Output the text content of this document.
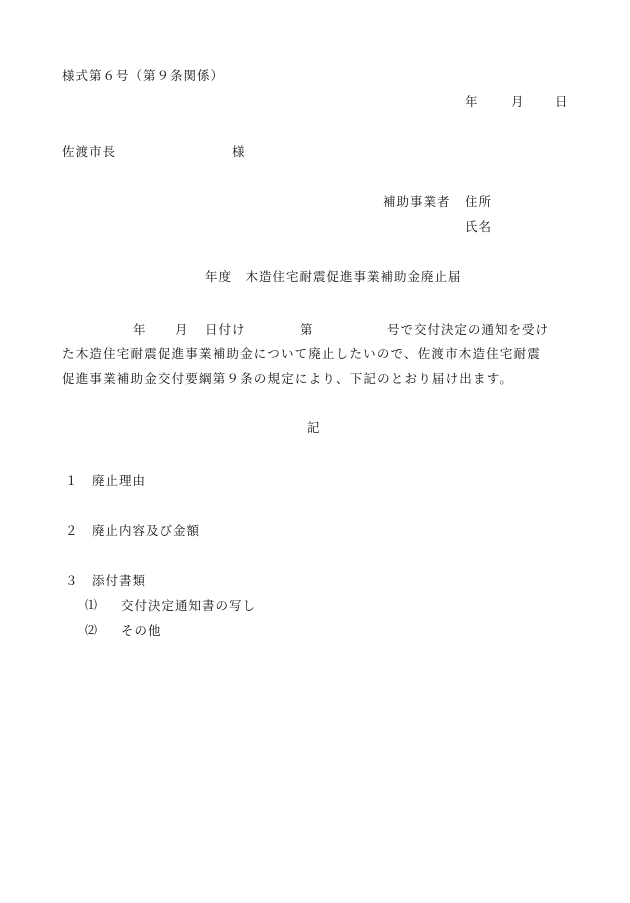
様式第６号（第９条関係）
年	月 日
佐渡市長	様
補助事業者 住所
氏名
年度　木造住宅耐震促進事業補助金廃止届
年 月 日付け	第	号で交付決定の通知を受け
た木造住宅耐震促進事業補助金について廃止したいので、佐渡市木造住宅耐震
促進事業補助金交付要綱第９条の規定により、下記のとおり届け出ます。
記
１ 廃止理由
２ 廃止内容及び金額
３ 添付書類
⑴ 交付決定通知書の写し
⑵ その他
